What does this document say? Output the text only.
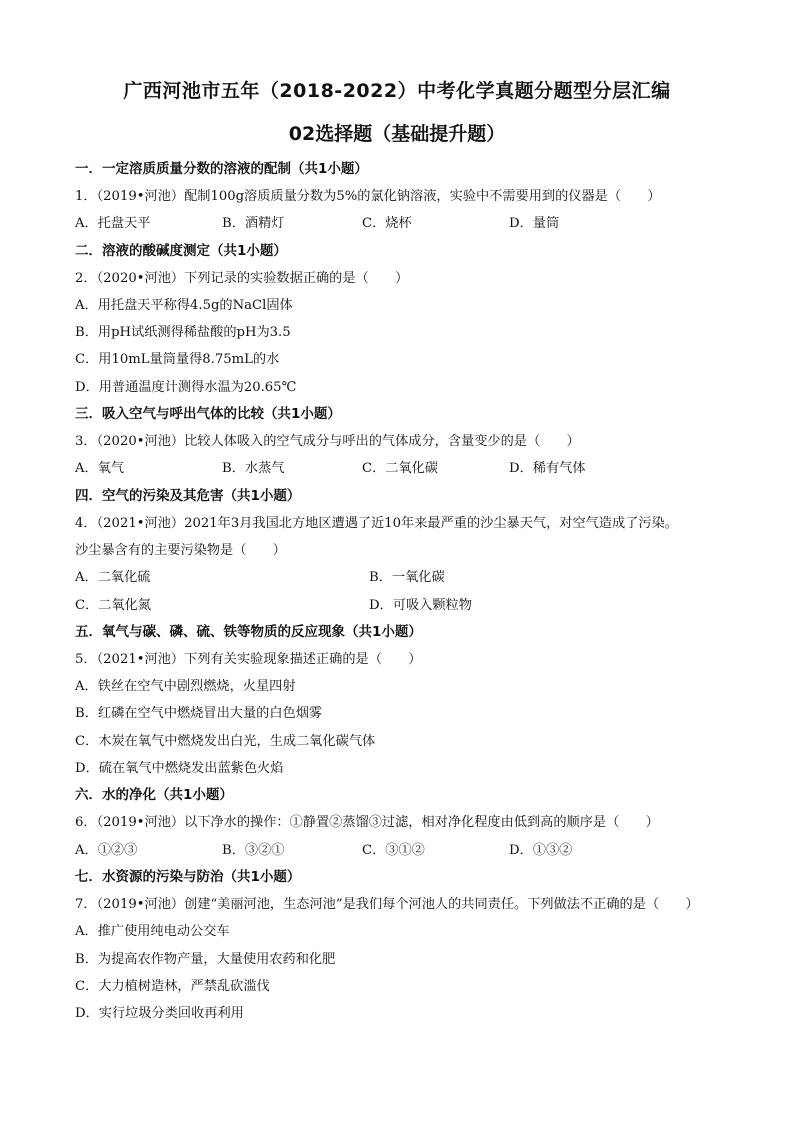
广西河池市五年（2018-2022）中考化学真题分题型分层汇编
02选择题（基础提升题）
一．一定溶质质量分数的溶液的配制（共1小题）
1．（2019•河池）配制100g溶质质量分数为5%的氯化钠溶液，实验中不需要用到的仪器是（　　）
A．托盘天平	B．酒精灯	C．烧杯	D．量筒
二．溶液的酸碱度测定（共1小题）
2．（2020•河池）下列记录的实验数据正确的是（　　）
A．用托盘天平称得4.5g的NaCl固体
B．用pH试纸测得稀盐酸的pH为3.5
C．用10mL量筒量得8.75mL的水
D．用普通温度计测得水温为20.65℃
三．吸入空气与呼出气体的比较（共1小题）
3．（2020•河池）比较人体吸入的空气成分与呼出的气体成分，含量变少的是（　　）
A．氧气	B．水蒸气	C．二氧化碳	D．稀有气体
四．空气的污染及其危害（共1小题）
4．（2021•河池）2021年3月我国北方地区遭遇了近10年来最严重的沙尘暴天气，对空气造成了污染。
沙尘暴含有的主要污染物是（　　）
A．二氧化硫	B．一氧化碳
C．二氧化氮	D．可吸入颗粒物
五．氧气与碳、磷、硫、铁等物质的反应现象（共1小题）
5．（2021•河池）下列有关实验现象描述正确的是（　　）
A．铁丝在空气中剧烈燃烧，火星四射
B．红磷在空气中燃烧冒出大量的白色烟雾
C．木炭在氧气中燃烧发出白光，生成二氧化碳气体
D．硫在氧气中燃烧发出蓝紫色火焰
六．水的净化（共1小题）
6．（2019•河池）以下净水的操作：①静置②蒸馏③过滤，相对净化程度由低到高的顺序是（　　）
A．①②③	B．③②①	C．③①②	D．①③②
七．水资源的污染与防治（共1小题）
7．（2019•河池）创建“美丽河池，生态河池”是我们每个河池人的共同责任。下列做法不正确的是（　　）
A．推广使用纯电动公交车
B．为提高农作物产量，大量使用农药和化肥
C．大力植树造林，严禁乱砍滥伐
D．实行垃圾分类回收再利用
